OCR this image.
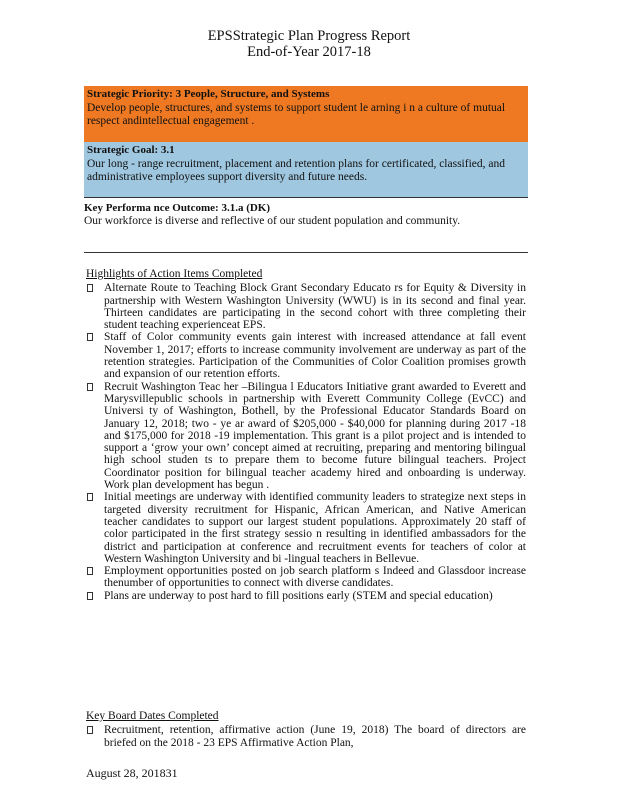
EPSStrategic Plan Progress Report
End-of-Year 2017-18
Strategic Priority: 3 People, Structure, and Systems
Develop people, structures, and systems to support student le arning i n a culture of mutual respect andintellectual engagement .
Strategic Goal: 3.1
Our long - range recruitment, placement and retention plans for certificated, classified, and administrative employees support diversity and future needs.
Key Performa nce Outcome: 3.1.a (DK)
Our workforce is diverse and reflective of our student population and community.
Highlights of Action Items Completed
Alternate Route to Teaching Block Grant Secondary Educato rs for Equity & Diversity in partnership with Western Washington University (WWU) is in its second and final year. Thirteen candidates are participating in the second cohort with three completing their student teaching experienceat EPS.
Staff of Color community events gain interest with increased attendance at fall event November 1, 2017; efforts to increase community involvement are underway as part of the retention strategies. Participation of the Communities of Color Coalition promises growth and expansion of our retention efforts.
Recruit Washington Teac her –Bilingua l Educators Initiative grant awarded to Everett and Marysvillepublic schools in partnership with Everett Community College (EvCC) and Universi ty of Washington, Bothell, by the Professional Educator Standards Board on January 12, 2018; two - ye ar award of $205,000 - $40,000 for planning during 2017 -18 and $175,000 for 2018 -19 implementation. This grant is a pilot project and is intended to support a ‘grow your own’ concept aimed at recruiting, preparing and mentoring bilingual high school studen ts to prepare them to become future bilingual teachers. Project Coordinator position for bilingual teacher academy hired and onboarding is underway. Work plan development has begun .
Initial meetings are underway with identified community leaders to strategize next steps in targeted diversity recruitment for Hispanic, African American, and Native American teacher candidates to support our largest student populations. Approximately 20 staff of color participated in the first strategy sessio n resulting in identified ambassadors for the district and participation at conference and recruitment events for teachers of color at Western Washington University and bi -lingual teachers in Bellevue.
Employment opportunities posted on job search platform s Indeed and Glassdoor increase thenumber of opportunities to connect with diverse candidates.
Plans are underway to post hard to fill positions early (STEM and special education)
Key Board Dates Completed
Recruitment, retention, affirmative action (June 19, 2018) The board of directors are briefed on the 2018 - 23 EPS Affirmative Action Plan,
August 28, 201831
